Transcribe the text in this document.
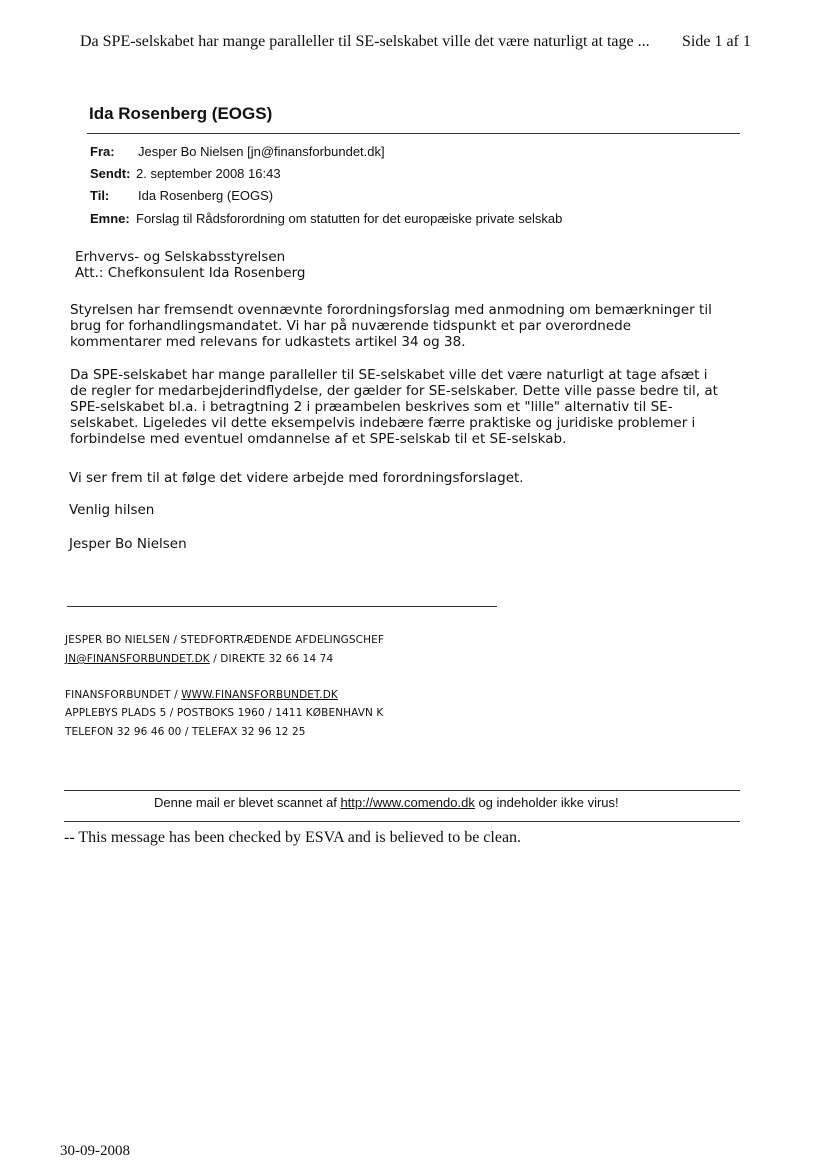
Da SPE-selskabet har mange paralleller til SE-selskabet ville det være naturligt at tage ... Side 1 af 1
Ida Rosenberg (EOGS)
Fra: Jesper Bo Nielsen [jn@finansforbundet.dk]
Sendt: 2. september 2008 16:43
Til: Ida Rosenberg (EOGS)
Emne: Forslag til Rådsforordning om statutten for det europæiske private selskab
Erhvervs- og Selskabsstyrelsen
Att.: Chefkonsulent Ida Rosenberg
Styrelsen har fremsendt ovennævnte forordningsforslag med anmodning om bemærkninger til
brug for forhandlingsmandatet. Vi har på nuværende tidspunkt et par overordnede
kommentarer med relevans for udkastets artikel 34 og 38.
Da SPE-selskabet har mange paralleller til SE-selskabet ville det være naturligt at tage afsæt i
de regler for medarbejderindflydelse, der gælder for SE-selskaber. Dette ville passe bedre til, at
SPE-selskabet bl.a. i betragtning 2 i præambelen beskrives som et "lille" alternativ til SE-
selskabet. Ligeledes vil dette eksempelvis indebære færre praktiske og juridiske problemer i
forbindelse med eventuel omdannelse af et SPE-selskab til et SE-selskab.
Vi ser frem til at følge det videre arbejde med forordningsforslaget.
Venlig hilsen
Jesper Bo Nielsen
JESPER BO NIELSEN / STEDFORTRÆDENDE AFDELINGSCHEF
JN@FINANSFORBUNDET.DK / DIREKTE 32 66 14 74
FINANSFORBUNDET / WWW.FINANSFORBUNDET.DK
APPLEBYS PLADS 5 / POSTBOKS 1960 / 1411 KØBENHAVN K
TELEFON 32 96 46 00 / TELEFAX 32 96 12 25
Denne mail er blevet scannet af http://www.comendo.dk og indeholder ikke virus!
-- This message has been checked by ESVA and is believed to be clean.
30-09-2008
